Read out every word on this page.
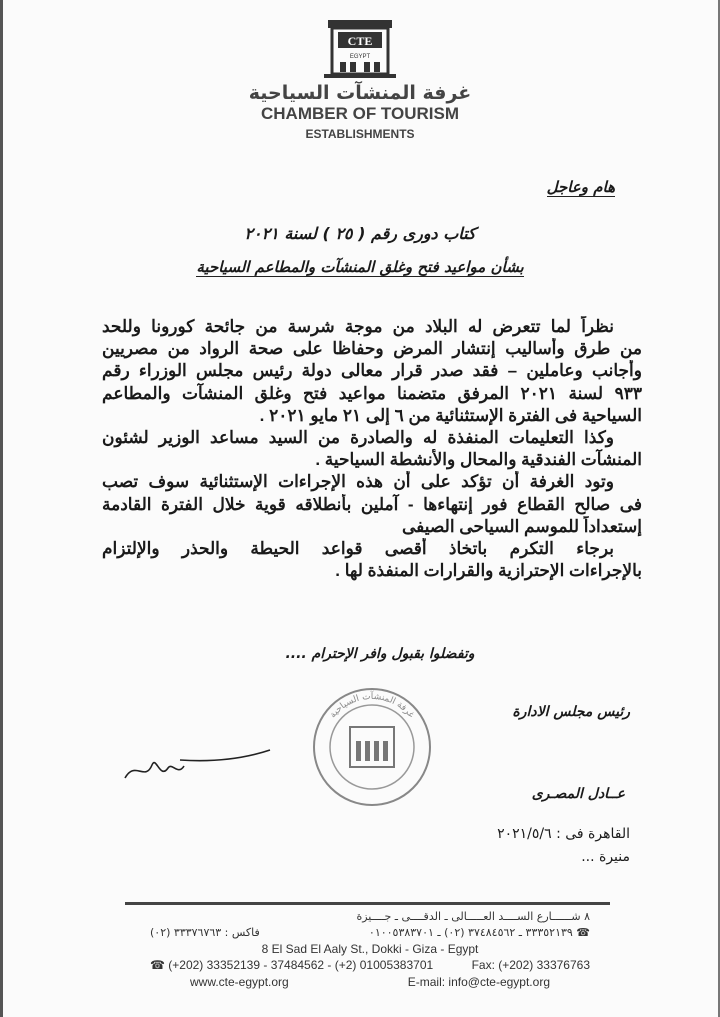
CTE
EGYPT
غرفة المنشآت السياحية
CHAMBER OF TOURISM
ESTABLISHMENTS
هام وعاجل
كتاب دورى رقم ( ٢٥ ) لسنة ٢٠٢١
بشأن مواعيد فتح وغلق المنشآت والمطاعم السياحية
نظراً لما تتعرض له البلاد من موجة شرسة من جائحة كورونا وللحد
من طرق وأساليب إنتشار المرض وحفاظا على صحة الرواد من مصريين
وأجانب وعاملين – فقد صدر قرار معالى دولة رئيس مجلس الوزراء رقم
٩٣٣ لسنة ٢٠٢١ المرفق متضمنا مواعيد فتح وغلق المنشآت والمطاعم
السياحية فى الفترة الإستثنائية من ٦ إلى ٢١ مايو ٢٠٢١ .
وكذا التعليمات المنفذة له والصادرة من السيد مساعد الوزير لشئون
المنشآت الفندقية والمحال والأنشطة السياحية .
وتود الغرفة أن تؤكد على أن هذه الإجراءات الإستثنائية سوف تصب
فى صالح القطاع فور إنتهاءها - آملين بأنطلاقه قوية خلال الفترة القادمة
إستعداداً للموسم السياحى الصيفى
برجاء التكرم باتخاذ أقصى قواعد الحيطة والحذر والإلتزام
بالإجراءات الإحترازية والقرارات المنفذة لها .
وتفضلوا بقبول وافر الإحترام ....
غرفة المنشآت السياحية	رئيس مجلس الادارة
عــادل المصـرى
القاهرة فى : ٢٠٢١/٥/٦
منيرة ...
٨ شــــــارع الســــد العـــــالى ـ الدقــــى ـ جــــيزة
☎ ٣٣٣٥٢١٣٩ ـ ٣٧٤٨٤٥٦٢ (٠٢) ـ ٠١٠٠٥٣٨٣٧٠١
فاكس : ٣٣٣٧٦٧٦٣ (٠٢)
8 El Sad El Aaly St., Dokki - Giza - Egypt
☎ (+202) 33352139 - 37484562 - (+2) 01005383701	Fax: (+202) 33376763
www.cte-egypt.org	E-mail: info@cte-egypt.org
